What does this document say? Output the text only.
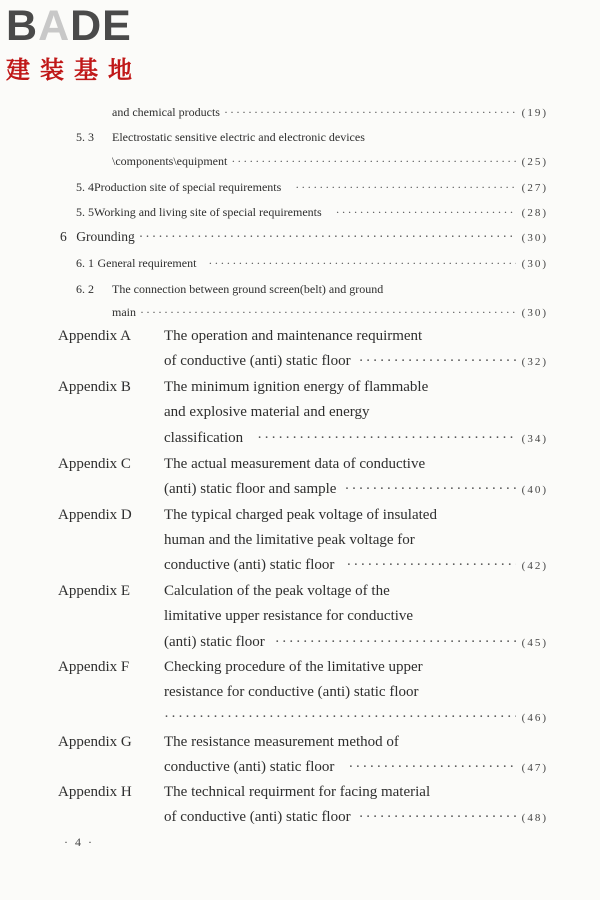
BADE
建装基地
and chemical products ·····	(19)
5. 3	Electrostatic sensitive electric and electronic devices
\components\equipment ·····	(25)
5. 4 Production site of special requirements ·····	(27)
5. 5 Working and living site of special requirements ·····	(28)
6 Grounding ·····	(30)
6. 1 General requirement ·····	(30)
6. 2	The connection between ground screen(belt) and ground
main ·····	(30)
Appendix A	The operation and maintenance requirment
of conductive (anti) static floor ·····	(32)
Appendix B	The minimum ignition energy of flammable
and explosive material and energy
classification ·····	(34)
Appendix C	The actual measurement data of conductive
(anti) static floor and sample ·····	(40)
Appendix D	The typical charged peak voltage of insulated
human and the limitative peak voltage for
conductive (anti) static floor ·····	(42)
Appendix E	Calculation of the peak voltage of the
limitative upper resistance for conductive
(anti) static floor ·····	(45)
Appendix F	Checking procedure of the limitative upper
resistance for conductive (anti) static floor
·····
(46)
Appendix G	The resistance measurement method of
conductive (anti) static floor ·····	(47)
Appendix H	The technical requirment for facing material
of conductive (anti) static floor ·····	(48)
· 4 ·
